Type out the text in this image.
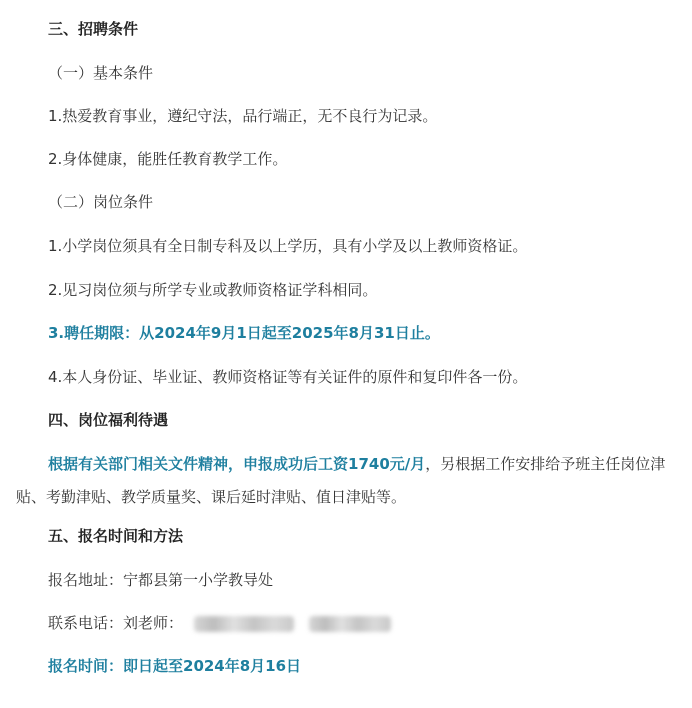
三、招聘条件
（一）基本条件
1.热爱教育事业，遵纪守法，品行端正，无不良行为记录。
2.身体健康，能胜任教育教学工作。
（二）岗位条件
1.小学岗位须具有全日制专科及以上学历，具有小学及以上教师资格证。
2.见习岗位须与所学专业或教师资格证学科相同。
3.聘任期限：从2024年9月1日起至2025年8月31日止。
4.本人身份证、毕业证、教师资格证等有关证件的原件和复印件各一份。
四、岗位福利待遇
根据有关部门相关文件精神，申报成功后工资1740元/月，另根据工作安排给予班主任岗位津贴、考勤津贴、教学质量奖、课后延时津贴、值日津贴等。
五、报名时间和方法
报名地址：宁都县第一小学教导处
联系电话：刘老师：
报名时间：即日起至2024年8月16日
